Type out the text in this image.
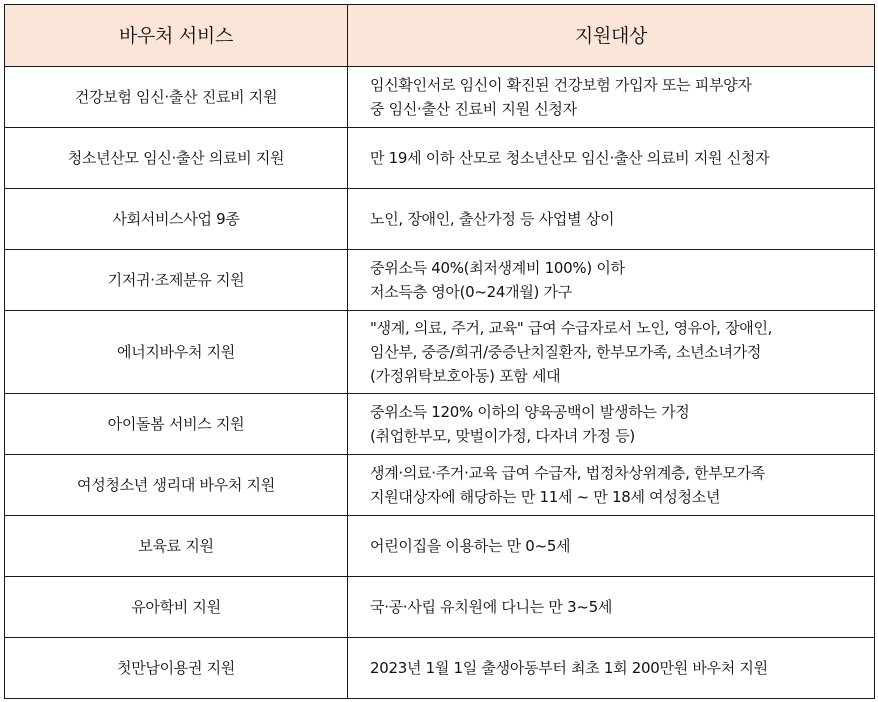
바우처 서비스	지원대상
건강보험 임신·출산 진료비 지원	임신확인서로 임신이 확진된 건강보험 가입자 또는 피부양자
중 임신·출산 진료비 지원 신청자

청소년산모 임신·출산 의료비 지원	만 19세 이하 산모로 청소년산모 임신·출산 의료비 지원 신청자

사회서비스사업 9종	노인, 장애인, 출산가정 등 사업별 상이

기저귀·조제분유 지원	중위소득 40%(최저생계비 100%) 이하
저소득층 영아(0~24개월) 가구

에너지바우처 지원	"생계, 의료, 주거, 교육" 급여 수급자로서 노인, 영유아, 장애인,
임산부, 중증/희귀/중증난치질환자, 한부모가족, 소년소녀가정
(가정위탁보호아동) 포함 세대

아이돌봄 서비스 지원	중위소득 120% 이하의 양육공백이 발생하는 가정
(취업한부모, 맞벌이가정, 다자녀 가정 등)

여성청소년 생리대 바우처 지원	생계·의료·주거·교육 급여 수급자, 법정차상위계층, 한부모가족
지원대상자에 해당하는 만 11세 ~ 만 18세 여성청소년

보육료 지원	어린이집을 이용하는 만 0~5세

유아학비 지원	국·공·사립 유치원에 다니는 만 3~5세

첫만남이용권 지원	2023년 1월 1일 출생아동부터 최초 1회 200만원 바우처 지원
